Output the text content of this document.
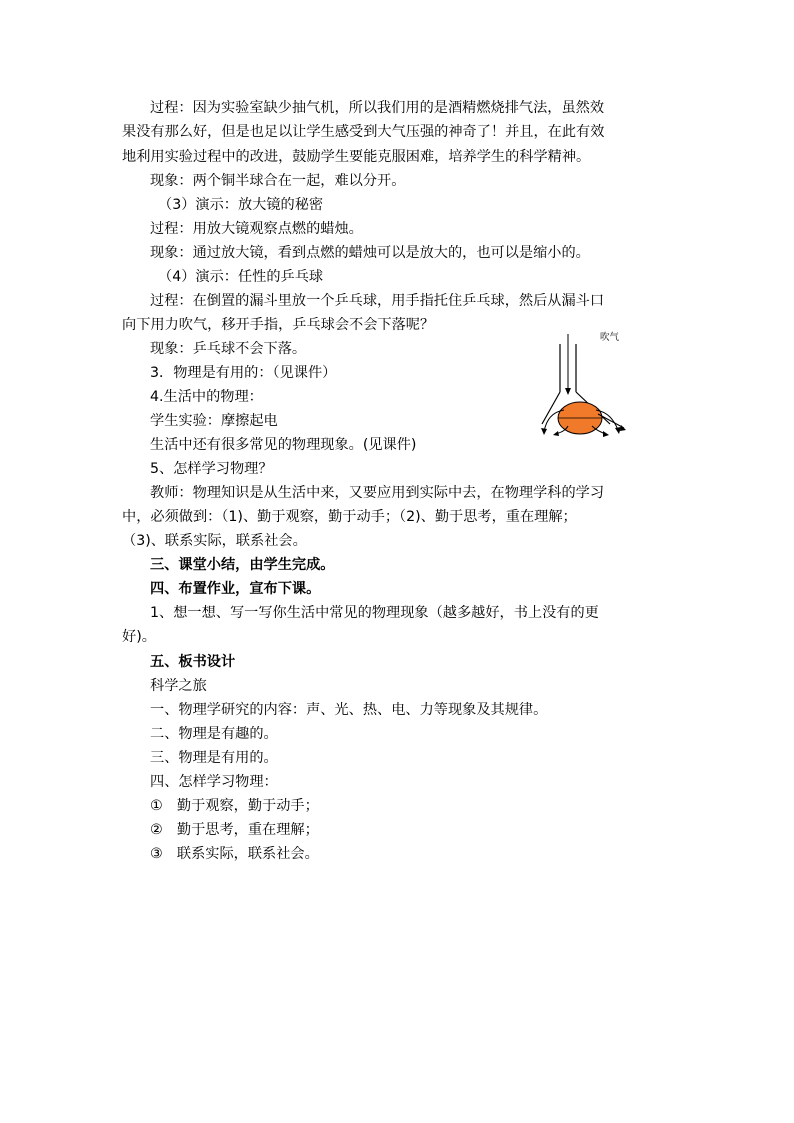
过程：因为实验室缺少抽气机，所以我们用的是酒精燃烧排气法，虽然效
果没有那么好，但是也足以让学生感受到大气压强的神奇了！并且，在此有效
地利用实验过程中的改进，鼓励学生要能克服困难，培养学生的科学精神。
现象：两个铜半球合在一起，难以分开。
（3）演示：放大镜的秘密
过程：用放大镜观察点燃的蜡烛。
现象：通过放大镜，看到点燃的蜡烛可以是放大的，也可以是缩小的。
（4）演示：任性的乒乓球
过程：在倒置的漏斗里放一个乒乓球，用手指托住乒乓球，然后从漏斗口
向下用力吹气，移开手指，乒乓球会不会下落呢？
现象：乒乓球不会下落。
3．物理是有用的：（见课件）
4.生活中的物理：
学生实验：摩擦起电
生活中还有很多常见的物理现象。(见课件)
5、怎样学习物理？
教师：物理知识是从生活中来，又要应用到实际中去，在物理学科的学习
中，必须做到：（1)、勤于观察，勤于动手；（2)、勤于思考，重在理解；
（3)、联系实际，联系社会。
三、课堂小结，由学生完成。
四、布置作业，宣布下课。
1、想一想、写一写你生活中常见的物理现象（越多越好，书上没有的更
好)。
五、板书设计
科学之旅
一、物理学研究的内容：声、光、热、电、力等现象及其规律。
二、物理是有趣的。
三、物理是有用的。
四、怎样学习物理：
①　勤于观察，勤于动手；
②　勤于思考，重在理解；
③　联系实际，联系社会。
吹气
